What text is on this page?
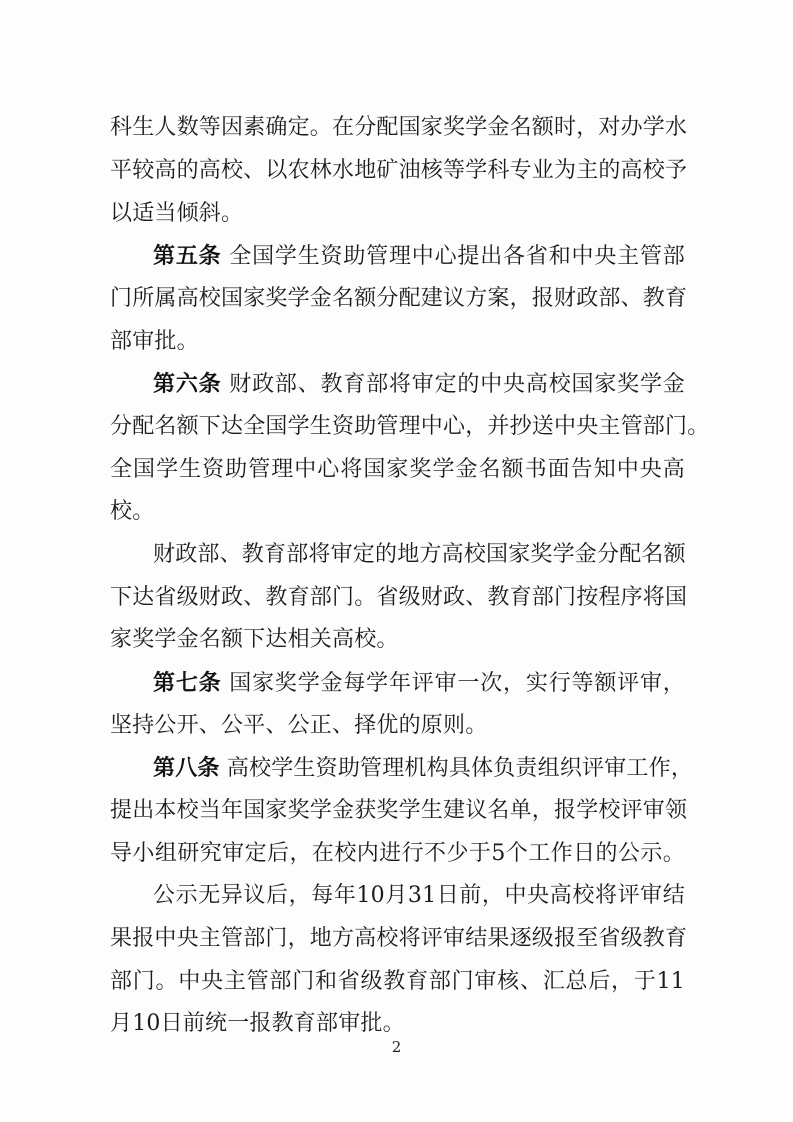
科生人数等因素确定。在分配国家奖学金名额时，对办学水
平较高的高校、以农林水地矿油核等学科专业为主的高校予
以适当倾斜。
第五条 全国学生资助管理中心提出各省和中央主管部
门所属高校国家奖学金名额分配建议方案，报财政部、教育
部审批。
第六条 财政部、教育部将审定的中央高校国家奖学金
分配名额下达全国学生资助管理中心，并抄送中央主管部门。
全国学生资助管理中心将国家奖学金名额书面告知中央高
校。
财政部、教育部将审定的地方高校国家奖学金分配名额
下达省级财政、教育部门。省级财政、教育部门按程序将国
家奖学金名额下达相关高校。
第七条 国家奖学金每学年评审一次，实行等额评审，
坚持公开、公平、公正、择优的原则。
第八条 高校学生资助管理机构具体负责组织评审工作，
提出本校当年国家奖学金获奖学生建议名单，报学校评审领
导小组研究审定后，在校内进行不少于5个工作日的公示。
公示无异议后，每年10月31日前，中央高校将评审结
果报中央主管部门，地方高校将评审结果逐级报至省级教育
部门。中央主管部门和省级教育部门审核、汇总后，于11
月10日前统一报教育部审批。
2
